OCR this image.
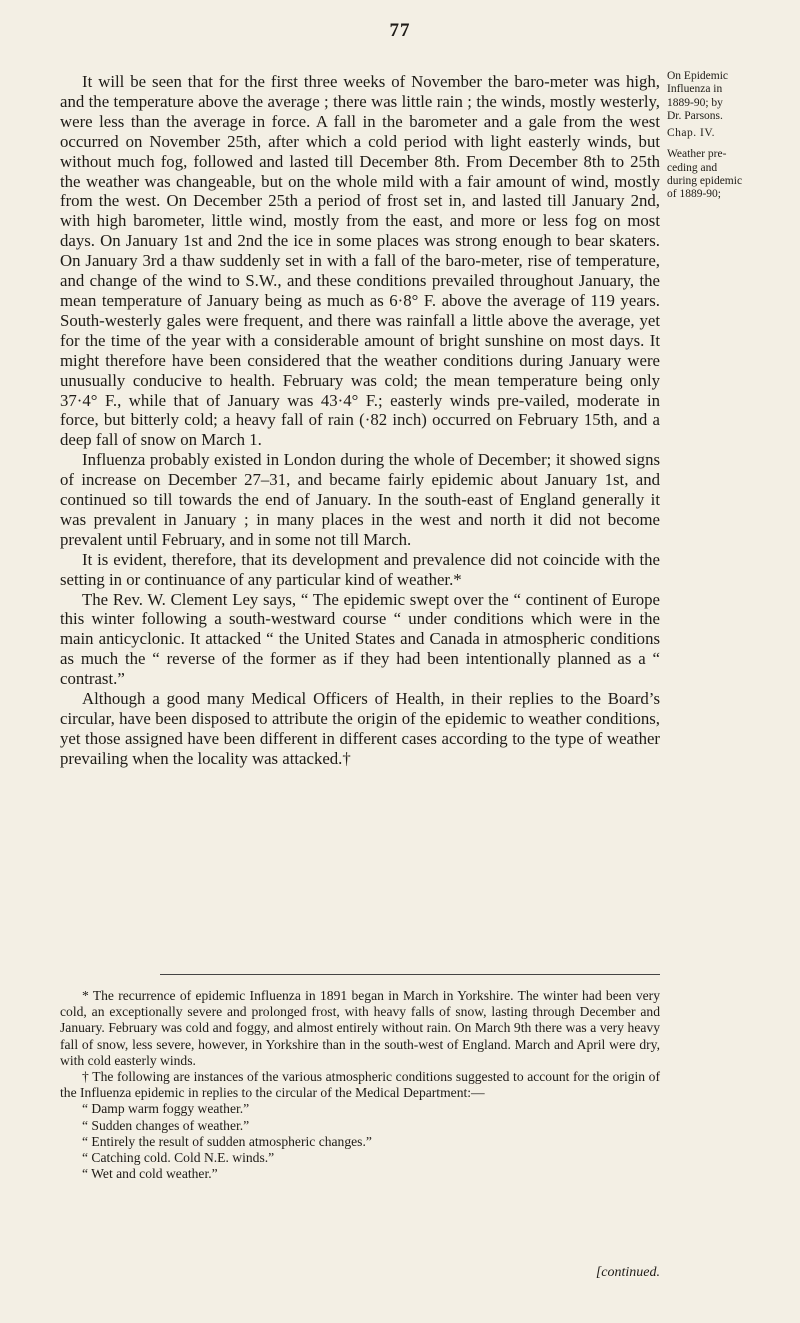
77

It will be seen that for the first three weeks of November the baro-meter was high, and the temperature above the average ; there was little rain ; the winds, mostly westerly, were less than the average in force. A fall in the barometer and a gale from the west occurred on November 25th, after which a cold period with light easterly winds, but without much fog, followed and lasted till December 8th. From December 8th to 25th the weather was changeable, but on the whole mild with a fair amount of wind, mostly from the west. On December 25th a period of frost set in, and lasted till January 2nd, with high barometer, little wind, mostly from the east, and more or less fog on most days. On January 1st and 2nd the ice in some places was strong enough to bear skaters. On January 3rd a thaw suddenly set in with a fall of the baro-meter, rise of temperature, and change of the wind to S.W., and these conditions prevailed throughout January, the mean temperature of January being as much as 6·8° F. above the average of 119 years. South-westerly gales were frequent, and there was rainfall a little above the average, yet for the time of the year with a considerable amount of bright sunshine on most days. It might therefore have been considered that the weather conditions during January were unusually conducive to health. February was cold; the mean temperature being only 37·4° F., while that of January was 43·4° F.; easterly winds pre-vailed, moderate in force, but bitterly cold; a heavy fall of rain (·82 inch) occurred on February 15th, and a deep fall of snow on March 1.

Influenza probably existed in London during the whole of December; it showed signs of increase on December 27–31, and became fairly epidemic about January 1st, and continued so till towards the end of January. In the south-east of England generally it was prevalent in January ; in many places in the west and north it did not become prevalent until February, and in some not till March.

It is evident, therefore, that its development and prevalence did not coincide with the setting in or continuance of any particular kind of weather.*

The Rev. W. Clement Ley says, “ The epidemic swept over the “ continent of Europe this winter following a south-westward course “ under conditions which were in the main anticyclonic. It attacked “ the United States and Canada in atmospheric conditions as much the “ reverse of the former as if they had been intentionally planned as a “ contrast.”

Although a good many Medical Officers of Health, in their replies to the Board’s circular, have been disposed to attribute the origin of the epidemic to weather conditions, yet those assigned have been different in different cases according to the type of weather prevailing when the locality was attacked.†

On Epidemic
Influenza in
1889-90; by
Dr. Parsons.
Chap. IV.
Weather pre-
ceding and
during epidemic
of 1889-90;

* The recurrence of epidemic Influenza in 1891 began in March in Yorkshire. The winter had been very cold, an exceptionally severe and prolonged frost, with heavy falls of snow, lasting through December and January. February was cold and foggy, and almost entirely without rain. On March 9th there was a very heavy fall of snow, less severe, however, in Yorkshire than in the south-west of England. March and April were dry, with cold easterly winds.

† The following are instances of the various atmospheric conditions suggested to account for the origin of the Influenza epidemic in replies to the circular of the Medical Department:—

“ Damp warm foggy weather.”

“ Sudden changes of weather.”

“ Entirely the result of sudden atmospheric changes.”

“ Catching cold. Cold N.E. winds.”

“ Wet and cold weather.”

[continued.
